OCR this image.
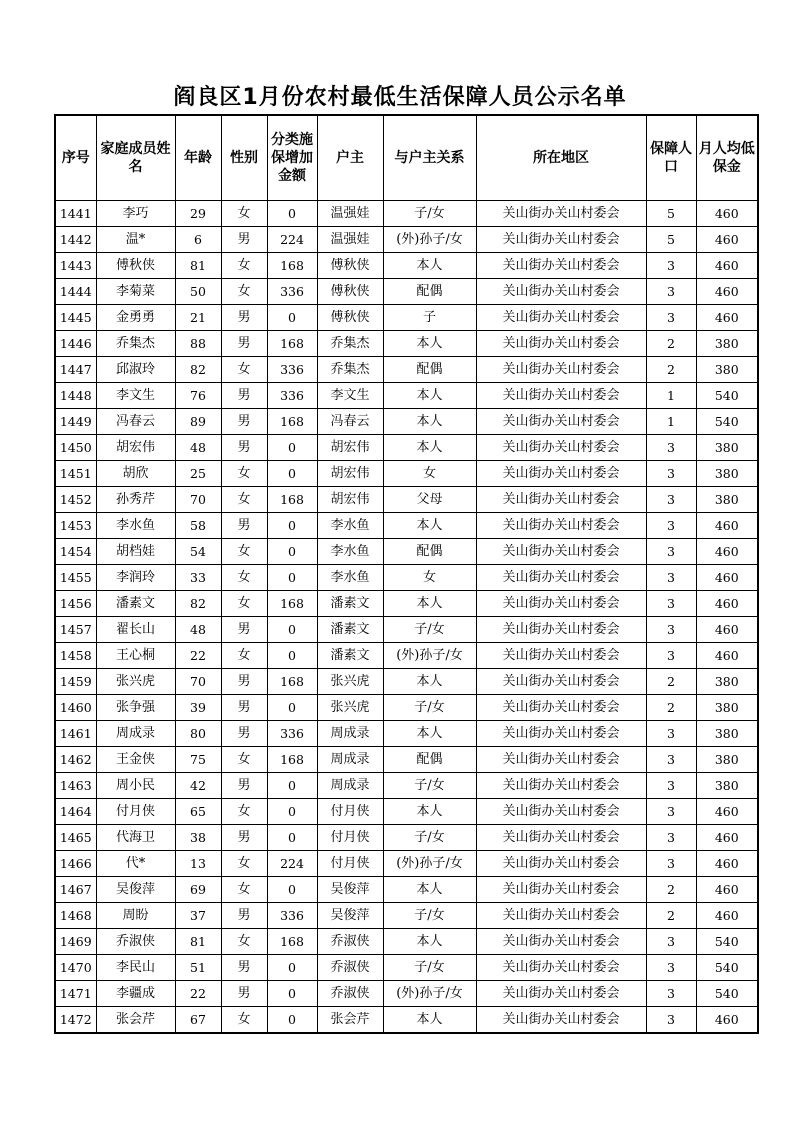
阎良区1月份农村最低生活保障人员公示名单
序号	家庭成员姓名	年龄	性别	分类施保增加金额	户主	与户主关系	所在地区	保障人口	月人均低保金
1441	李巧	29	女	0	温强娃	子/女	关山街办关山村委会	5	460
1442	温*	6	男	224	温强娃	(外)孙子/女	关山街办关山村委会	5	460
1443	傅秋侠	81	女	168	傅秋侠	本人	关山街办关山村委会	3	460
1444	李菊菜	50	女	336	傅秋侠	配偶	关山街办关山村委会	3	460
1445	金勇勇	21	男	0	傅秋侠	子	关山街办关山村委会	3	460
1446	乔集杰	88	男	168	乔集杰	本人	关山街办关山村委会	2	380
1447	邱淑玲	82	女	336	乔集杰	配偶	关山街办关山村委会	2	380
1448	李文生	76	男	336	李文生	本人	关山街办关山村委会	1	540
1449	冯春云	89	男	168	冯春云	本人	关山街办关山村委会	1	540
1450	胡宏伟	48	男	0	胡宏伟	本人	关山街办关山村委会	3	380
1451	胡欣	25	女	0	胡宏伟	女	关山街办关山村委会	3	380
1452	孙秀芹	70	女	168	胡宏伟	父母	关山街办关山村委会	3	380
1453	李水鱼	58	男	0	李水鱼	本人	关山街办关山村委会	3	460
1454	胡档娃	54	女	0	李水鱼	配偶	关山街办关山村委会	3	460
1455	李润玲	33	女	0	李水鱼	女	关山街办关山村委会	3	460
1456	潘素文	82	女	168	潘素文	本人	关山街办关山村委会	3	460
1457	翟长山	48	男	0	潘素文	子/女	关山街办关山村委会	3	460
1458	王心桐	22	女	0	潘素文	(外)孙子/女	关山街办关山村委会	3	460
1459	张兴虎	70	男	168	张兴虎	本人	关山街办关山村委会	2	380
1460	张争强	39	男	0	张兴虎	子/女	关山街办关山村委会	2	380
1461	周成录	80	男	336	周成录	本人	关山街办关山村委会	3	380
1462	王金侠	75	女	168	周成录	配偶	关山街办关山村委会	3	380
1463	周小民	42	男	0	周成录	子/女	关山街办关山村委会	3	380
1464	付月侠	65	女	0	付月侠	本人	关山街办关山村委会	3	460
1465	代海卫	38	男	0	付月侠	子/女	关山街办关山村委会	3	460
1466	代*	13	女	224	付月侠	(外)孙子/女	关山街办关山村委会	3	460
1467	吴俊萍	69	女	0	吴俊萍	本人	关山街办关山村委会	2	460
1468	周盼	37	男	336	吴俊萍	子/女	关山街办关山村委会	2	460
1469	乔淑侠	81	女	168	乔淑侠	本人	关山街办关山村委会	3	540
1470	李民山	51	男	0	乔淑侠	子/女	关山街办关山村委会	3	540
1471	李疆成	22	男	0	乔淑侠	(外)孙子/女	关山街办关山村委会	3	540
1472	张会芹	67	女	0	张会芹	本人	关山街办关山村委会	3	460
